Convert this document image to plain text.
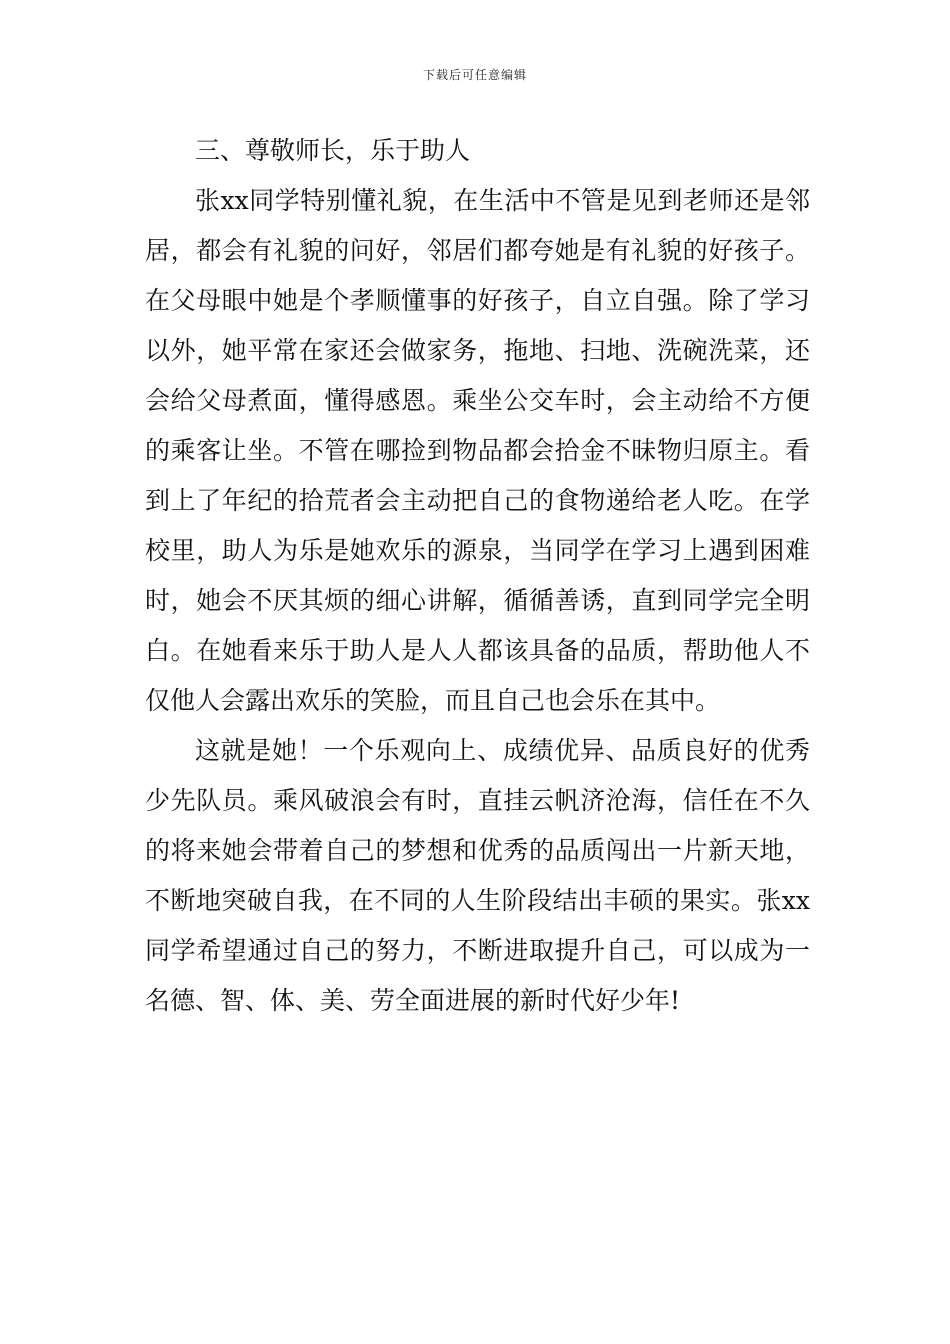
下载后可任意编辑
三、尊敬师长，乐于助人

张xx同学特别懂礼貌，在生活中不管是见到老师还是邻居，都会有礼貌的问好，邻居们都夸她是有礼貌的好孩子。在父母眼中她是个孝顺懂事的好孩子，自立自强。除了学习以外，她平常在家还会做家务，拖地、扫地、洗碗洗菜，还会给父母煮面，懂得感恩。乘坐公交车时，会主动给不方便的乘客让坐。不管在哪捡到物品都会拾金不昧物归原主。看到上了年纪的拾荒者会主动把自己的食物递给老人吃。在学校里，助人为乐是她欢乐的源泉，当同学在学习上遇到困难时，她会不厌其烦的细心讲解，循循善诱，直到同学完全明白。在她看来乐于助人是人人都该具备的品质，帮助他人不仅他人会露出欢乐的笑脸，而且自己也会乐在其中。

这就是她！一个乐观向上、成绩优异、品质良好的优秀少先队员。乘风破浪会有时，直挂云帆济沧海，信任在不久的将来她会带着自己的梦想和优秀的品质闯出一片新天地，不断地突破自我，在不同的人生阶段结出丰硕的果实。张xx同学希望通过自己的努力，不断进取提升自己，可以成为一名德、智、体、美、劳全面进展的新时代好少年!
